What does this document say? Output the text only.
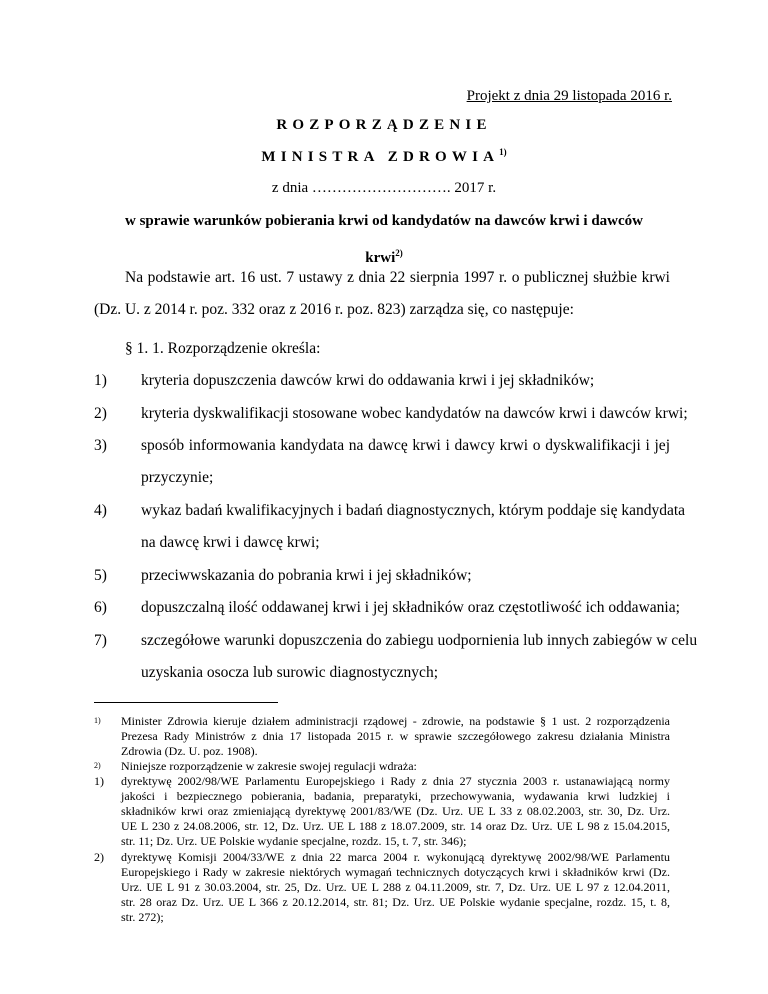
Projekt z dnia 29 listopada 2016 r.
ROZPORZĄDZENIE
MINISTRA ZDROWIA$^{1)}$
z dnia ………………………. 2017 r.
w sprawie warunków pobierania krwi od kandydatów na dawców krwi i dawców
krwi$^{2)}$
Na podstawie art. 16 ust. 7 ustawy z dnia 22 sierpnia 1997 r. o publicznej służbie krwi
(Dz. U. z 2014 r. poz. 332 oraz z 2016 r. poz. 823) zarządza się, co następuje:
§ 1. 1. Rozporządzenie określa:
1) kryteria dopuszczenia dawców krwi do oddawania krwi i jej składników;
2) kryteria dyskwalifikacji stosowane wobec kandydatów na dawców krwi i dawców krwi;
3) sposób informowania kandydata na dawcę krwi i dawcy krwi o dyskwalifikacji i jej
przyczynie;
4) wykaz badań kwalifikacyjnych i badań diagnostycznych, którym poddaje się kandydata
na dawcę krwi i dawcę krwi;
5) przeciwwskazania do pobrania krwi i jej składników;
6) dopuszczalną ilość oddawanej krwi i jej składników oraz częstotliwość ich oddawania;
7) szczegółowe warunki dopuszczenia do zabiegu uodpornienia lub innych zabiegów w celu
uzyskania osocza lub surowic diagnostycznych;
$^{1)}$ Minister Zdrowia kieruje działem administracji rządowej - zdrowie, na podstawie § 1 ust. 2 rozporządzenia
Prezesa Rady Ministrów z dnia 17 listopada 2015 r. w sprawie szczegółowego zakresu działania Ministra
Zdrowia (Dz. U. poz. 1908).
$^{2)}$ Niniejsze rozporządzenie w zakresie swojej regulacji wdraża:
1) dyrektywę 2002/98/WE Parlamentu Europejskiego i Rady z dnia 27 stycznia 2003 r. ustanawiającą normy
jakości i bezpiecznego pobierania, badania, preparatyki, przechowywania, wydawania krwi ludzkiej i
składników krwi oraz zmieniającą dyrektywę 2001/83/WE (Dz. Urz. UE L 33 z 08.02.2003, str. 30, Dz. Urz.
UE L 230 z 24.08.2006, str. 12, Dz. Urz. UE L 188 z 18.07.2009, str. 14 oraz Dz. Urz. UE L 98 z 15.04.2015,
str. 11; Dz. Urz. UE Polskie wydanie specjalne, rozdz. 15, t. 7, str. 346);
2) dyrektywę Komisji 2004/33/WE z dnia 22 marca 2004 r. wykonującą dyrektywę 2002/98/WE Parlamentu
Europejskiego i Rady w zakresie niektórych wymagań technicznych dotyczących krwi i składników krwi (Dz.
Urz. UE L 91 z 30.03.2004, str. 25, Dz. Urz. UE L 288 z 04.11.2009, str. 7, Dz. Urz. UE L 97 z 12.04.2011,
str. 28 oraz Dz. Urz. UE L 366 z 20.12.2014, str. 81; Dz. Urz. UE Polskie wydanie specjalne, rozdz. 15, t. 8,
str. 272);
